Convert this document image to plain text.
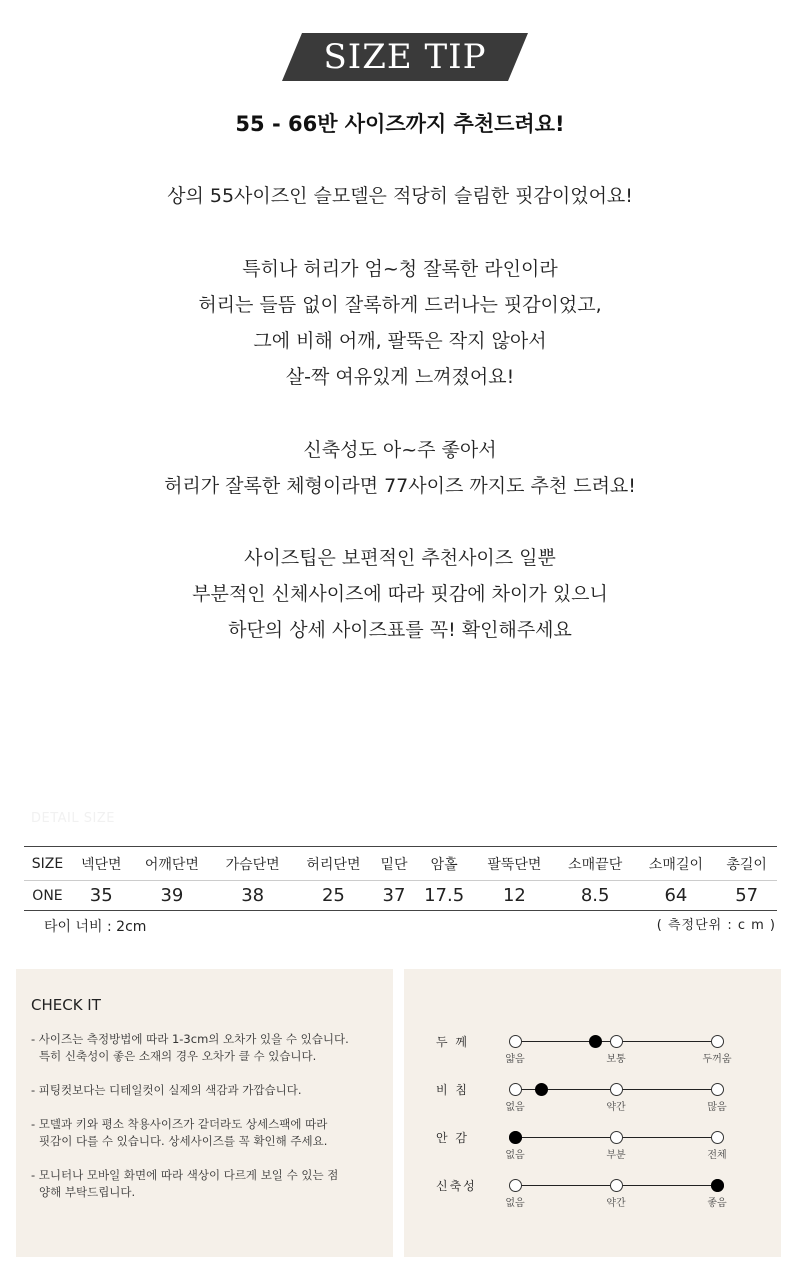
SIZE TIP
55 - 66반 사이즈까지 추천드려요!
상의 55사이즈인 슬모델은 적당히 슬림한 핏감이었어요!
특히나 허리가 엄~청 잘록한 라인이라
허리는 들뜸 없이 잘록하게 드러나는 핏감이었고,
그에 비해 어깨, 팔뚝은 작지 않아서
살-짝 여유있게 느껴졌어요!
신축성도 아~주 좋아서
허리가 잘록한 체형이라면 77사이즈 까지도 추천 드려요!
사이즈팁은 보편적인 추천사이즈 일뿐
부분적인 신체사이즈에 따라 핏감에 차이가 있으니
하단의 상세 사이즈표를 꼭! 확인해주세요
DETAIL SIZE
SIZE	넥단면	어깨단면	가슴단면	허리단면	밑단	암홀	팔뚝단면	소매끝단	소매길이	총길이
ONE	35	39	38	25	37	17.5	12	8.5	64	57
타이 너비 : 2cm	( 측정단위 : c m )
CHECK IT
- 사이즈는 측정방법에 따라 1-3cm의 오차가 있을 수 있습니다.
특히 신축성이 좋은 소재의 경우 오차가 클 수 있습니다.
- 피팅컷보다는 디테일컷이 실제의 색감과 가깝습니다.
- 모델과 키와 평소 착용사이즈가 같더라도 상세스팩에 따라
핏감이 다를 수 있습니다. 상세사이즈를 꼭 확인해 주세요.
- 모니터나 모바일 화면에 따라 색상이 다르게 보일 수 있는 점
양해 부탁드립니다.
두 께
비 침
안 감
신축성
얇음	보통	두꺼움
없음	약간	많음
없음	부분	전체
없음	약간	좋음
